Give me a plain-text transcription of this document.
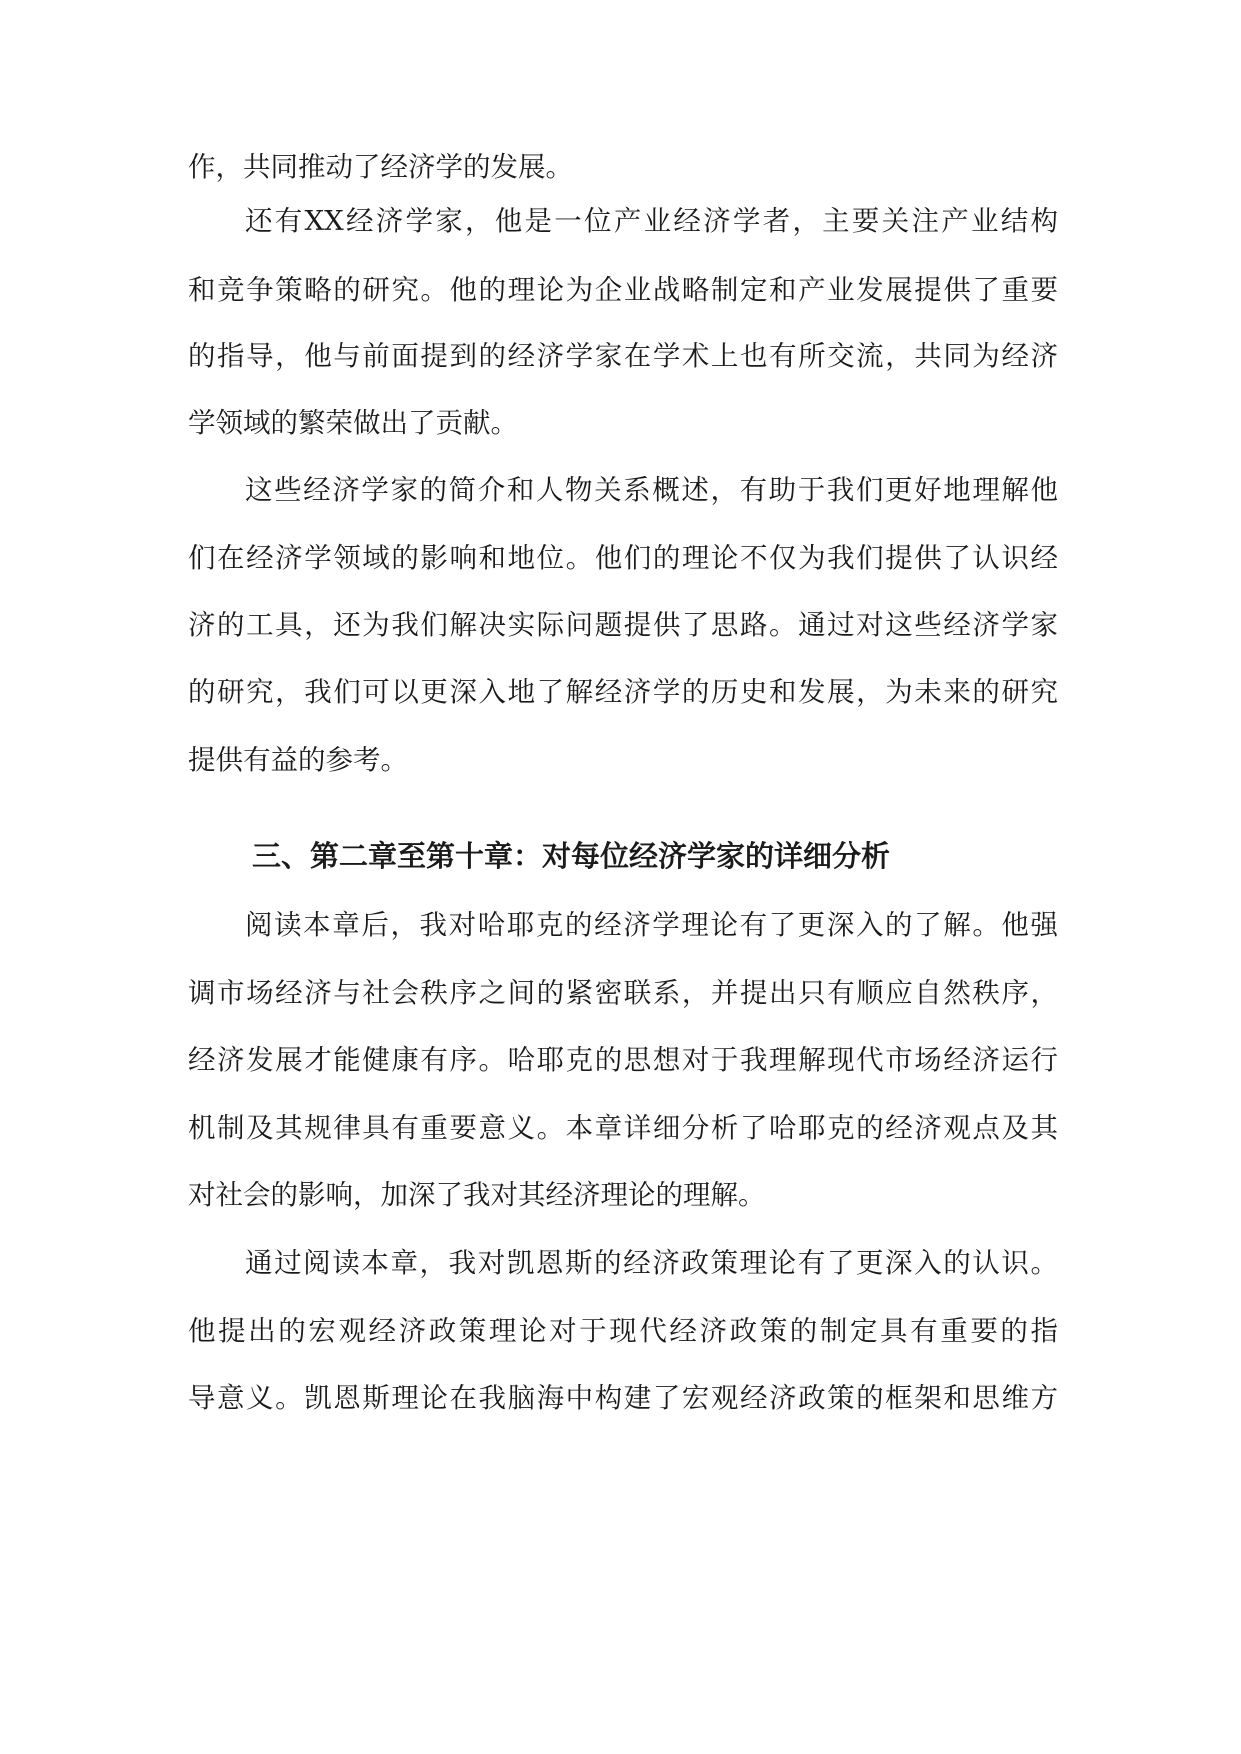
作，共同推动了经济学的发展。

还有XX经济学家，他是一位产业经济学者，主要关注产业结构

和竞争策略的研究。他的理论为企业战略制定和产业发展提供了重要

的指导，他与前面提到的经济学家在学术上也有所交流，共同为经济

学领域的繁荣做出了贡献。

这些经济学家的简介和人物关系概述，有助于我们更好地理解他

们在经济学领域的影响和地位。他们的理论不仅为我们提供了认识经

济的工具，还为我们解决实际问题提供了思路。通过对这些经济学家

的研究，我们可以更深入地了解经济学的历史和发展，为未来的研究

提供有益的参考。

三、第二章至第十章：对每位经济学家的详细分析

阅读本章后，我对哈耶克的经济学理论有了更深入的了解。他强

调市场经济与社会秩序之间的紧密联系，并提出只有顺应自然秩序，

经济发展才能健康有序。哈耶克的思想对于我理解现代市场经济运行

机制及其规律具有重要意义。本章详细分析了哈耶克的经济观点及其

对社会的影响，加深了我对其经济理论的理解。

通过阅读本章，我对凯恩斯的经济政策理论有了更深入的认识。

他提出的宏观经济政策理论对于现代经济政策的制定具有重要的指

导意义。凯恩斯理论在我脑海中构建了宏观经济政策的框架和思维方
